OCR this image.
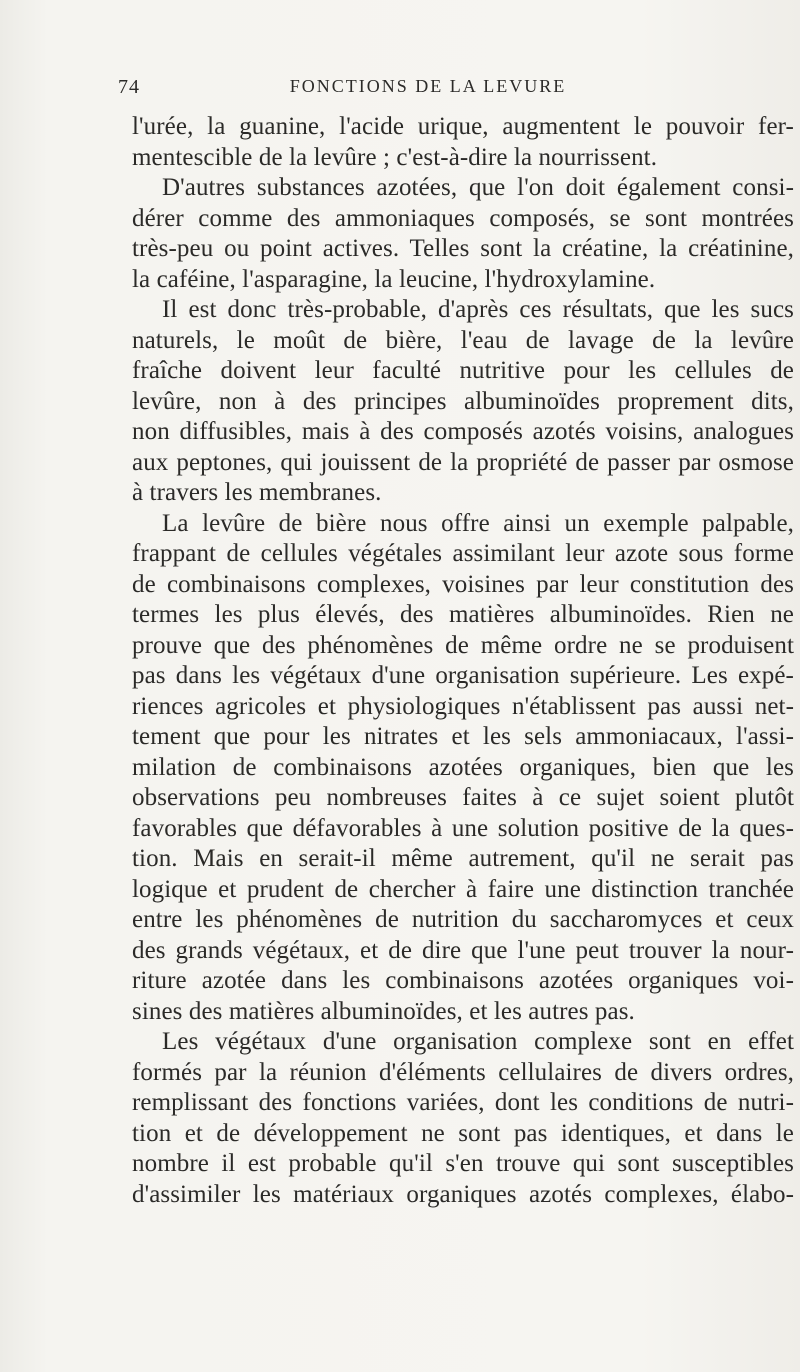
74	FONCTIONS DE LA LEVURE
l'urée, la guanine, l'acide urique, augmentent le pouvoir fer-
mentescible de la levûre ; c'est-à-dire la nourrissent.
D'autres substances azotées, que l'on doit également consi-
dérer comme des ammoniaques composés, se sont montrées
très-peu ou point actives. Telles sont la créatine, la créatinine,
la caféine, l'asparagine, la leucine, l'hydroxylamine.
Il est donc très-probable, d'après ces résultats, que les sucs
naturels, le moût de bière, l'eau de lavage de la levûre
fraîche doivent leur faculté nutritive pour les cellules de
levûre, non à des principes albuminoïdes proprement dits,
non diffusibles, mais à des composés azotés voisins, analogues
aux peptones, qui jouissent de la propriété de passer par osmose
à travers les membranes.
La levûre de bière nous offre ainsi un exemple palpable,
frappant de cellules végétales assimilant leur azote sous forme
de combinaisons complexes, voisines par leur constitution des
termes les plus élevés, des matières albuminoïdes. Rien ne
prouve que des phénomènes de même ordre ne se produisent
pas dans les végétaux d'une organisation supérieure. Les expé-
riences agricoles et physiologiques n'établissent pas aussi net-
tement que pour les nitrates et les sels ammoniacaux, l'assi-
milation de combinaisons azotées organiques, bien que les
observations peu nombreuses faites à ce sujet soient plutôt
favorables que défavorables à une solution positive de la ques-
tion. Mais en serait-il même autrement, qu'il ne serait pas
logique et prudent de chercher à faire une distinction tranchée
entre les phénomènes de nutrition du saccharomyces et ceux
des grands végétaux, et de dire que l'une peut trouver la nour-
riture azotée dans les combinaisons azotées organiques voi-
sines des matières albuminoïdes, et les autres pas.
Les végétaux d'une organisation complexe sont en effet
formés par la réunion d'éléments cellulaires de divers ordres,
remplissant des fonctions variées, dont les conditions de nutri-
tion et de développement ne sont pas identiques, et dans le
nombre il est probable qu'il s'en trouve qui sont susceptibles
d'assimiler les matériaux organiques azotés complexes, élabo-
